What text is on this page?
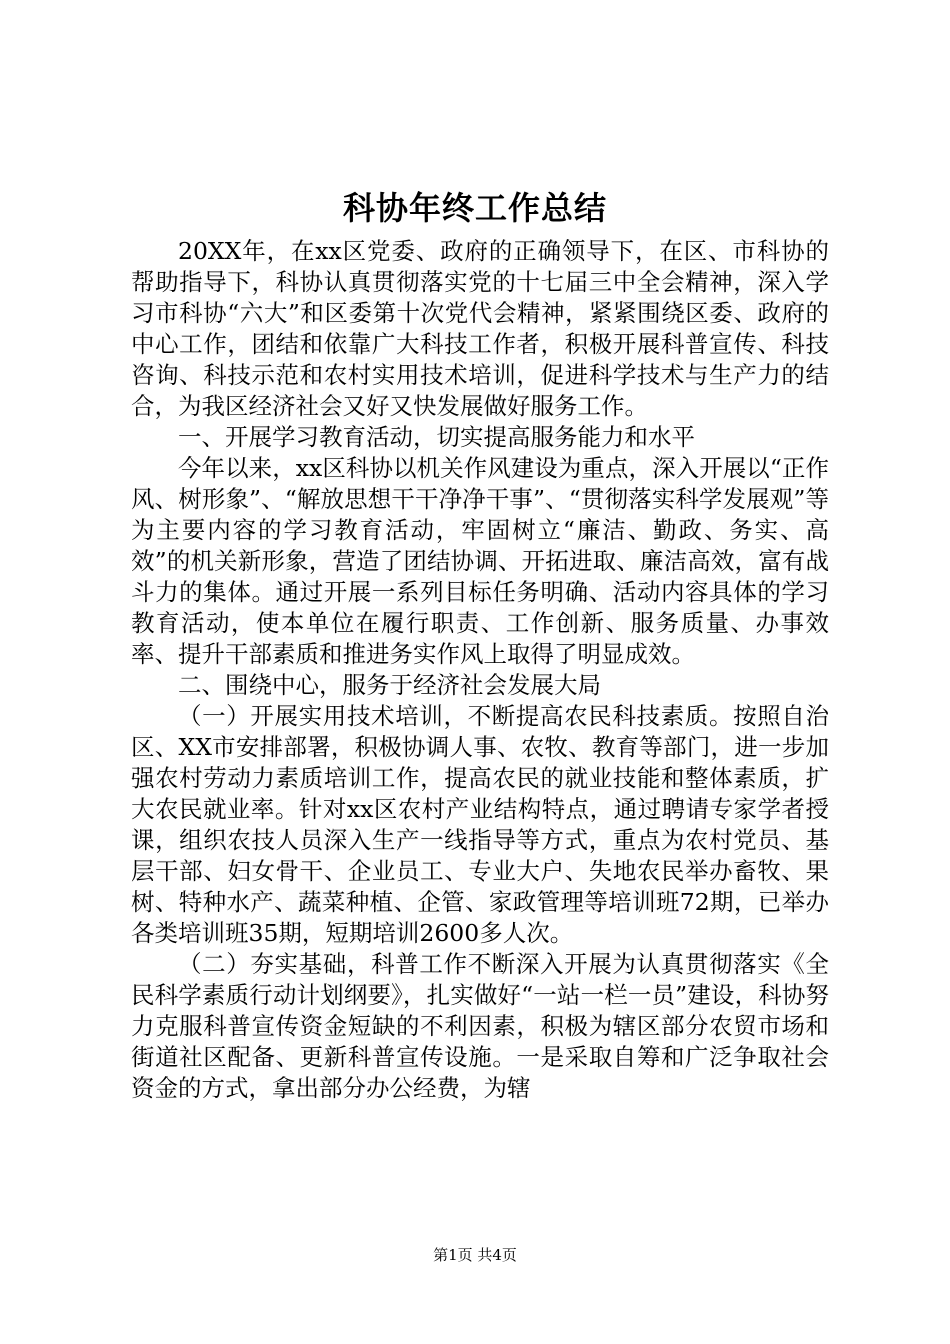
科协年终工作总结

20XX年，在xx区党委、政府的正确领导下，在区、市科协的帮助指导下，科协认真贯彻落实党的十七届三中全会精神，深入学习市科协“六大”和区委第十次党代会精神，紧紧围绕区委、政府的中心工作，团结和依靠广大科技工作者，积极开展科普宣传、科技咨询、科技示范和农村实用技术培训，促进科学技术与生产力的结合，为我区经济社会又好又快发展做好服务工作。

一、开展学习教育活动，切实提高服务能力和水平

今年以来，xx区科协以机关作风建设为重点，深入开展以“正作风、树形象”、“解放思想干干净净干事”、“贯彻落实科学发展观”等为主要内容的学习教育活动，牢固树立“廉洁、勤政、务实、高效”的机关新形象，营造了团结协调、开拓进取、廉洁高效，富有战斗力的集体。通过开展一系列目标任务明确、活动内容具体的学习教育活动，使本单位在履行职责、工作创新、服务质量、办事效率、提升干部素质和推进务实作风上取得了明显成效。

二、围绕中心，服务于经济社会发展大局

（一）开展实用技术培训，不断提高农民科技素质。按照自治区、XX市安排部署，积极协调人事、农牧、教育等部门，进一步加强农村劳动力素质培训工作，提高农民的就业技能和整体素质，扩大农民就业率。针对xx区农村产业结构特点，通过聘请专家学者授课，组织农技人员深入生产一线指导等方式，重点为农村党员、基层干部、妇女骨干、企业员工、专业大户、失地农民举办畜牧、果树、特种水产、蔬菜种植、企管、家政管理等培训班72期，已举办各类培训班35期，短期培训2600多人次。

（二）夯实基础，科普工作不断深入开展为认真贯彻落实《全民科学素质行动计划纲要》，扎实做好“一站一栏一员”建设，科协努力克服科普宣传资金短缺的不利因素，积极为辖区部分农贸市场和街道社区配备、更新科普宣传设施。一是采取自筹和广泛争取社会资金的方式，拿出部分办公经费，为辖

第1页 共4页
